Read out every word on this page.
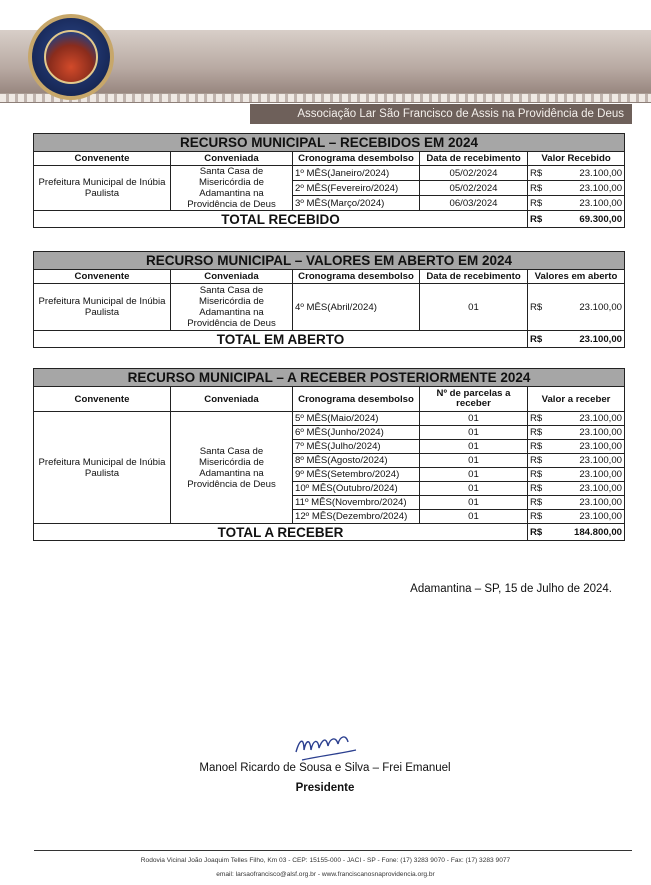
Associação Lar São Francisco de Assis na Providência de Deus
RECURSO MUNICIPAL – RECEBIDOS EM 2024					
Convenente	Conveniada	Cronograma desembolso	Data de recebimento	Valor Recebido	
Prefeitura Municipal de Inúbia Paulista	Santa Casa de Misericórdia de Adamantina na Providência de Deus	1º MÊS(Janeiro/2024)	05/02/2024	R$	23.100,00
		2º MÊS(Fevereiro/2024)	05/02/2024	R$	23.100,00
		3º MÊS(Março/2024)	06/03/2024	R$	23.100,00
TOTAL RECEBIDO				R$	69.300,00
RECURSO MUNICIPAL – VALORES EM ABERTO EM 2024					
Convenente	Conveniada	Cronograma desembolso	Data de recebimento	Valores em aberto	
Prefeitura Municipal de Inúbia Paulista	Santa Casa de Misericórdia de Adamantina na Providência de Deus	4º MÊS(Abril/2024)	01	R$	23.100,00
TOTAL EM ABERTO				R$	23.100,00
RECURSO MUNICIPAL – A RECEBER POSTERIORMENTE 2024					
Convenente	Conveniada	Cronograma desembolso	Nº de parcelas a receber	Valor a receber	
Prefeitura Municipal de Inúbia Paulista	Santa Casa de Misericórdia de Adamantina na Providência de Deus	5º MÊS(Maio/2024)	01	R$	23.100,00
		6º MÊS(Junho/2024)	01	R$	23.100,00
		7º MÊS(Julho/2024)	01	R$	23.100,00
		8º MÊS(Agosto/2024)	01	R$	23.100,00
		9º MÊS(Setembro/2024)	01	R$	23.100,00
		10º MÊS(Outubro/2024)	01	R$	23.100,00
		11º MÊS(Novembro/2024)	01	R$	23.100,00
		12º MÊS(Dezembro/2024)	01	R$	23.100,00
TOTAL A RECEBER				R$	184.800,00
Adamantina – SP, 15 de Julho de 2024.
Manoel Ricardo de Sousa e Silva – Frei Emanuel
Presidente
Rodovia Vicinal João Joaquim Telles Filho, Km 03 - CEP: 15155-000 - JACI - SP - Fone: (17) 3283 9070 - Fax: (17) 3283 9077
email: larsaofrancisco@alsf.org.br - www.franciscanosnaprovidencia.org.br
